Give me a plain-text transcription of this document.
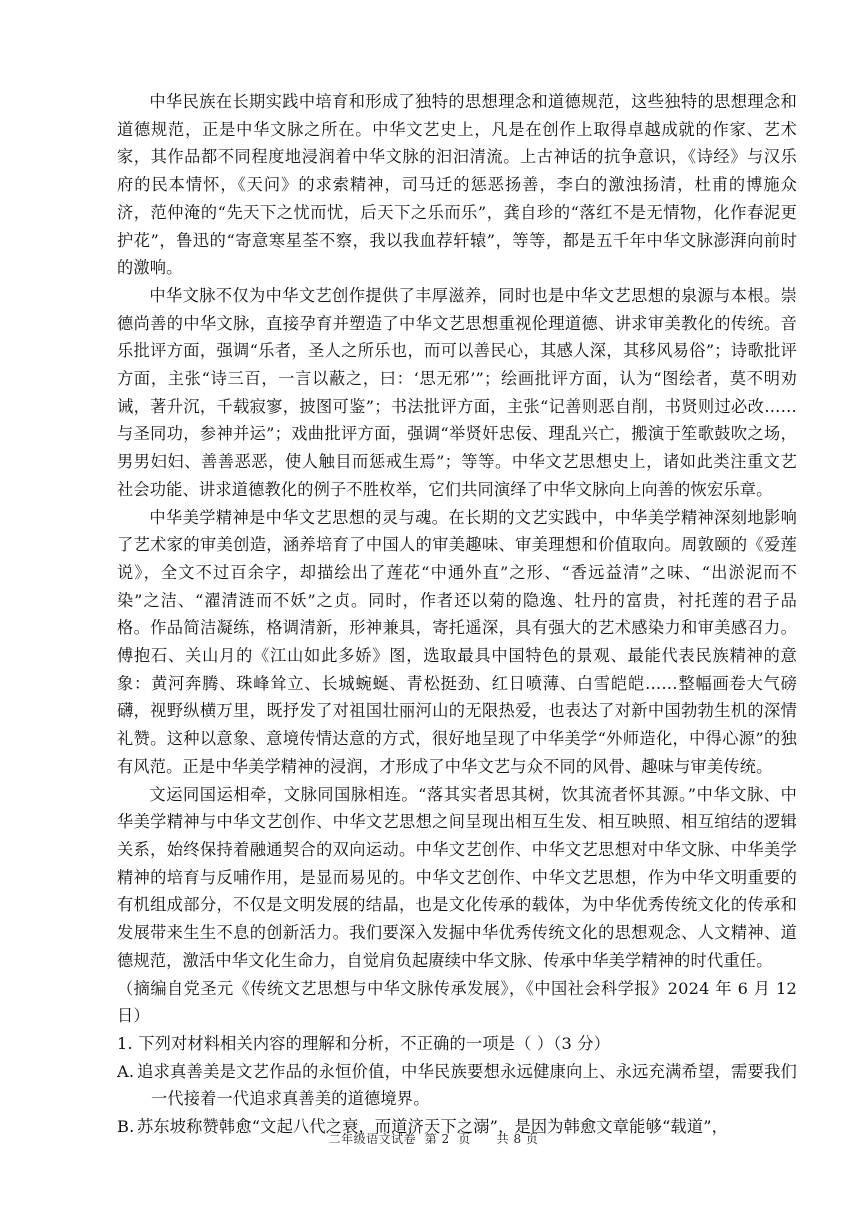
中华民族在长期实践中培育和形成了独特的思想理念和道德规范，这些独特的思想理念和道德规范，正是中华文脉之所在。中华文艺史上，凡是在创作上取得卓越成就的作家、艺术家，其作品都不同程度地浸润着中华文脉的汩汩清流。上古神话的抗争意识，《诗经》与汉乐府的民本情怀，《天问》的求索精神，司马迁的惩恶扬善，李白的激浊扬清，杜甫的博施众济，范仲淹的“先天下之忧而忧，后天下之乐而乐”，龚自珍的“落红不是无情物，化作春泥更护花”，鲁迅的“寄意寒星荃不察，我以我血荐轩辕”，等等，都是五千年中华文脉澎湃向前时的激响。

中华文脉不仅为中华文艺创作提供了丰厚滋养，同时也是中华文艺思想的泉源与本根。崇德尚善的中华文脉，直接孕育并塑造了中华文艺思想重视伦理道德、讲求审美教化的传统。音乐批评方面，强调“乐者，圣人之所乐也，而可以善民心，其感人深，其移风易俗”；诗歌批评方面，主张“诗三百，一言以蔽之，曰：‘思无邪’”；绘画批评方面，认为“图绘者，莫不明劝诫，著升沉，千载寂寥，披图可鉴”；书法批评方面，主张“记善则恶自削，书贤则过必改……与圣同功，参神并运”；戏曲批评方面，强调“举贤奸忠佞、理乱兴亡，搬演于笙歌鼓吹之场，男男妇妇、善善恶恶，使人触目而惩戒生焉”；等等。中华文艺思想史上，诸如此类注重文艺社会功能、讲求道德教化的例子不胜枚举，它们共同演绎了中华文脉向上向善的恢宏乐章。

中华美学精神是中华文艺思想的灵与魂。在长期的文艺实践中，中华美学精神深刻地影响了艺术家的审美创造，涵养培育了中国人的审美趣味、审美理想和价值取向。周敦颐的《爱莲说》，全文不过百余字，却描绘出了莲花“中通外直”之形、“香远益清”之味、“出淤泥而不染”之洁、“濯清涟而不妖”之贞。同时，作者还以菊的隐逸、牡丹的富贵，衬托莲的君子品格。作品简洁凝练，格调清新，形神兼具，寄托遥深，具有强大的艺术感染力和审美感召力。傅抱石、关山月的《江山如此多娇》图，选取最具中国特色的景观、最能代表民族精神的意象：黄河奔腾、珠峰耸立、长城蜿蜒、青松挺劲、红日喷薄、白雪皑皑……整幅画卷大气磅礴，视野纵横万里，既抒发了对祖国壮丽河山的无限热爱，也表达了对新中国勃勃生机的深情礼赞。这种以意象、意境传情达意的方式，很好地呈现了中华美学“外师造化，中得心源”的独有风范。正是中华美学精神的浸润，才形成了中华文艺与众不同的风骨、趣味与审美传统。

文运同国运相牵，文脉同国脉相连。“落其实者思其树，饮其流者怀其源。”中华文脉、中华美学精神与中华文艺创作、中华文艺思想之间呈现出相互生发、相互映照、相互绾结的逻辑关系，始终保持着融通契合的双向运动。中华文艺创作、中华文艺思想对中华文脉、中华美学精神的培育与反哺作用，是显而易见的。中华文艺创作、中华文艺思想，作为中华文明重要的有机组成部分，不仅是文明发展的结晶，也是文化传承的载体，为中华优秀传统文化的传承和发展带来生生不息的创新活力。我们要深入发掘中华优秀传统文化的思想观念、人文精神、道德规范，激活中华文化生命力，自觉肩负起赓续中华文脉、传承中华美学精神的时代重任。

（摘编自党圣元《传统文艺思想与中华文脉传承发展》，《中国社会科学报》2024 年 6 月 12 日）

1. 下列对材料相关内容的理解和分析，不正确的一项是（ ）（3 分）

A. 追求真善美是文艺作品的永恒价值，中华民族要想永远健康向上、永远充满希望，需要我们一代接着一代追求真善美的道德境界。

B. 苏东坡称赞韩愈“文起八代之衰，而道济天下之溺”，是因为韩愈文章能够“载道”，

二年级语文试卷  第 2  页 共 8 页
